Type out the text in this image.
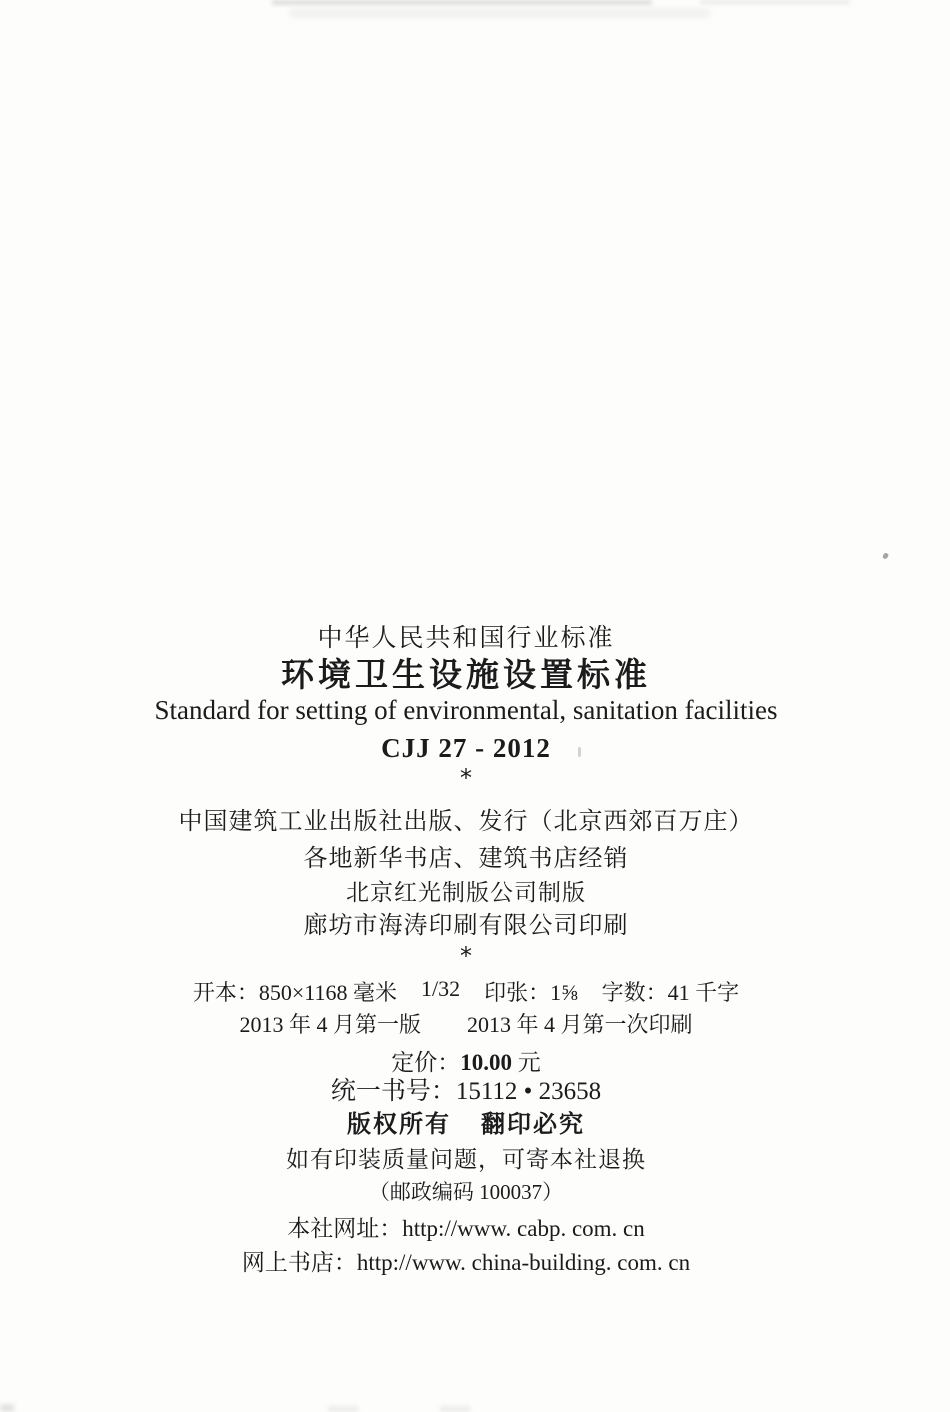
中华人民共和国行业标准
环境卫生设施设置标准
Standard for setting of environmental, sanitation facilities
CJJ 27 - 2012
*
中国建筑工业出版社出版、发行（北京西郊百万庄）
各地新华书店、建筑书店经销
北京红光制版公司制版
廊坊市海涛印刷有限公司印刷
*
开本：850×1168 毫米 1/32 印张：1⅝ 字数：41 千字
2013 年 4 月第一版 2013 年 4 月第一次印刷
定价：10.00 元
统一书号：15112 • 23658
版权所有 翻印必究
如有印装质量问题，可寄本社退换
（邮政编码 100037）
本社网址：http://www. cabp. com. cn
网上书店：http://www. china-building. com. cn
